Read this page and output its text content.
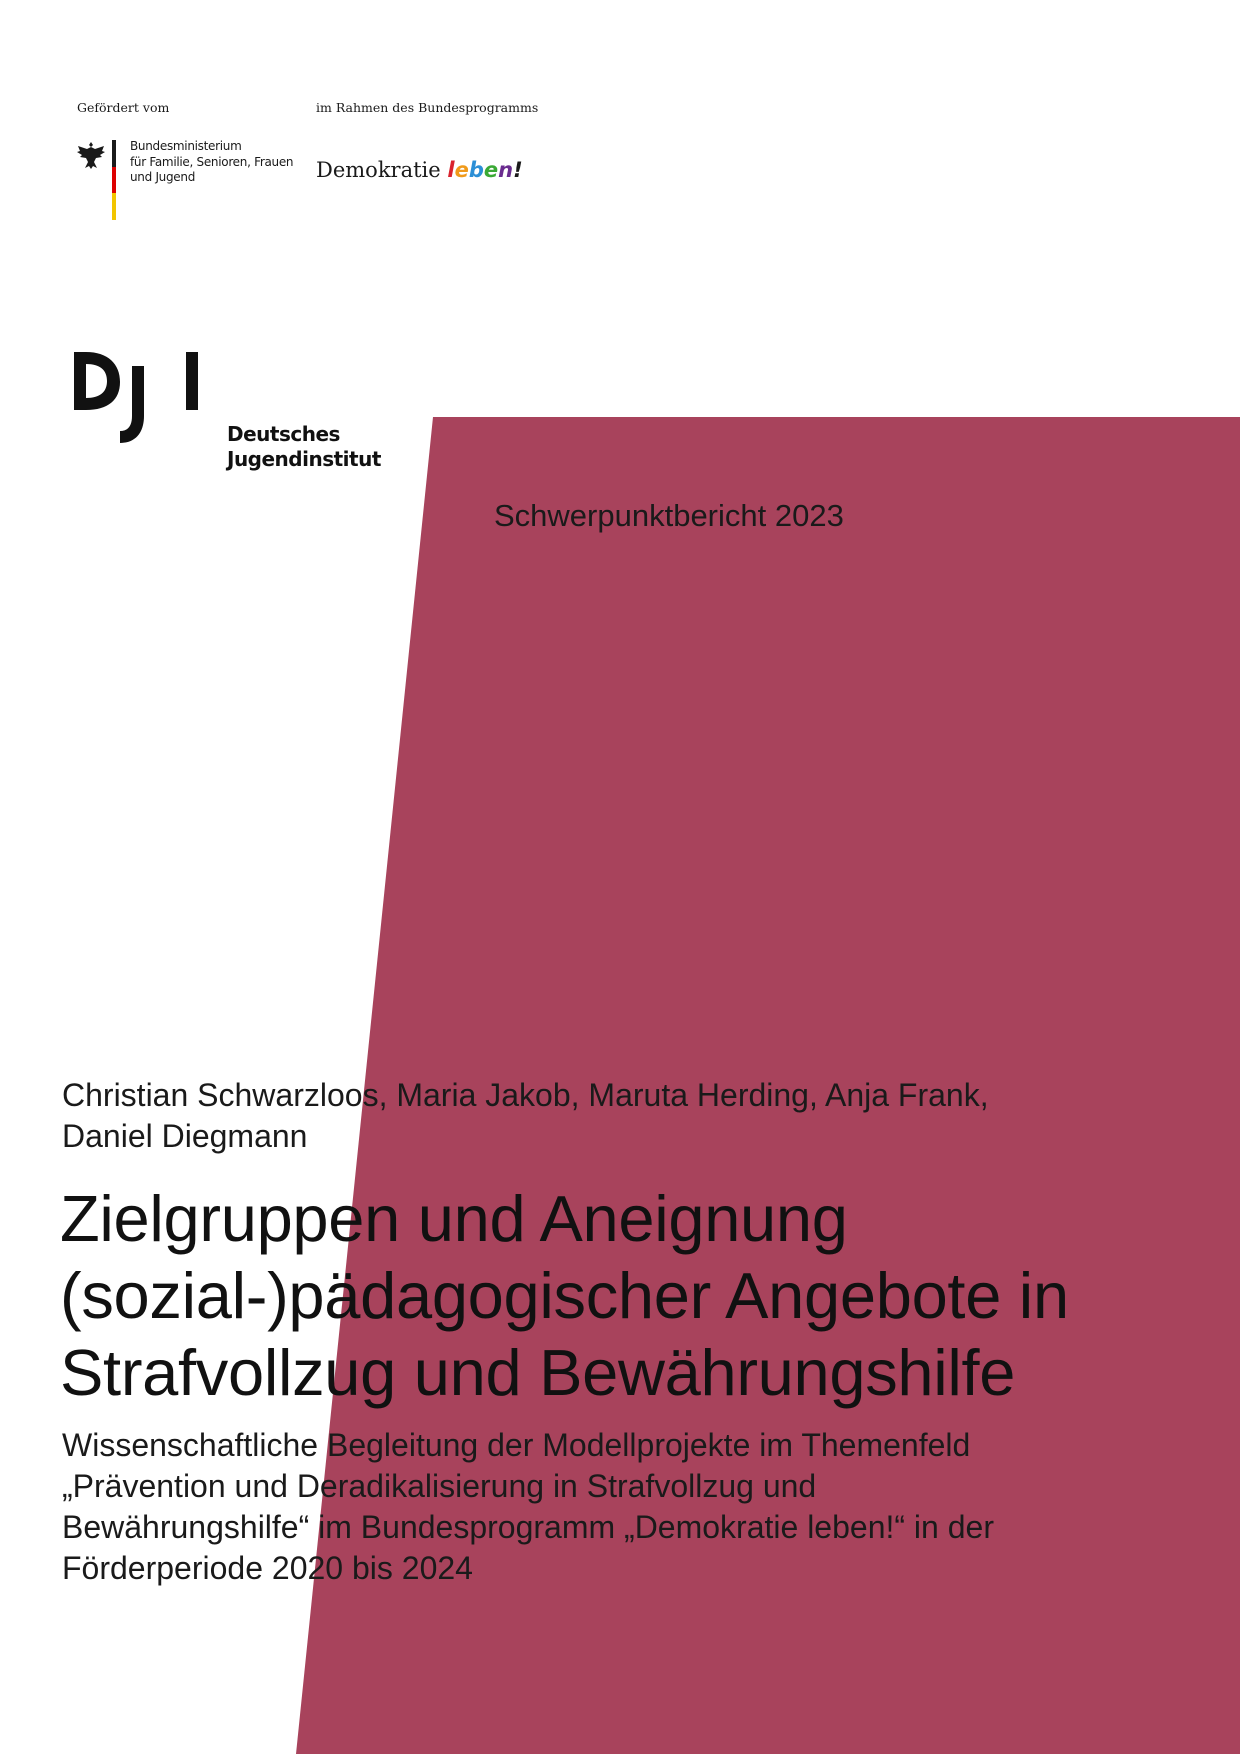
Gefördert vom	im Rahmen des Bundesprogramms
Bundesministerium
für Familie, Senioren, Frauen
und Jugend	Demokratie leben!
Deutsches
Jugendinstitut
Schwerpunktbericht 2023
Christian Schwarzloos, Maria Jakob, Maruta Herding, Anja Frank,
Daniel Diegmann
Zielgruppen und Aneignung
(sozial-)pädagogischer Angebote in
Strafvollzug und Bewährungshilfe
Wissenschaftliche Begleitung der Modellprojekte im Themenfeld
„Prävention und Deradikalisierung in Strafvollzug und
Bewährungshilfe“ im Bundesprogramm „Demokratie leben!“ in der
Förderperiode 2020 bis 2024
